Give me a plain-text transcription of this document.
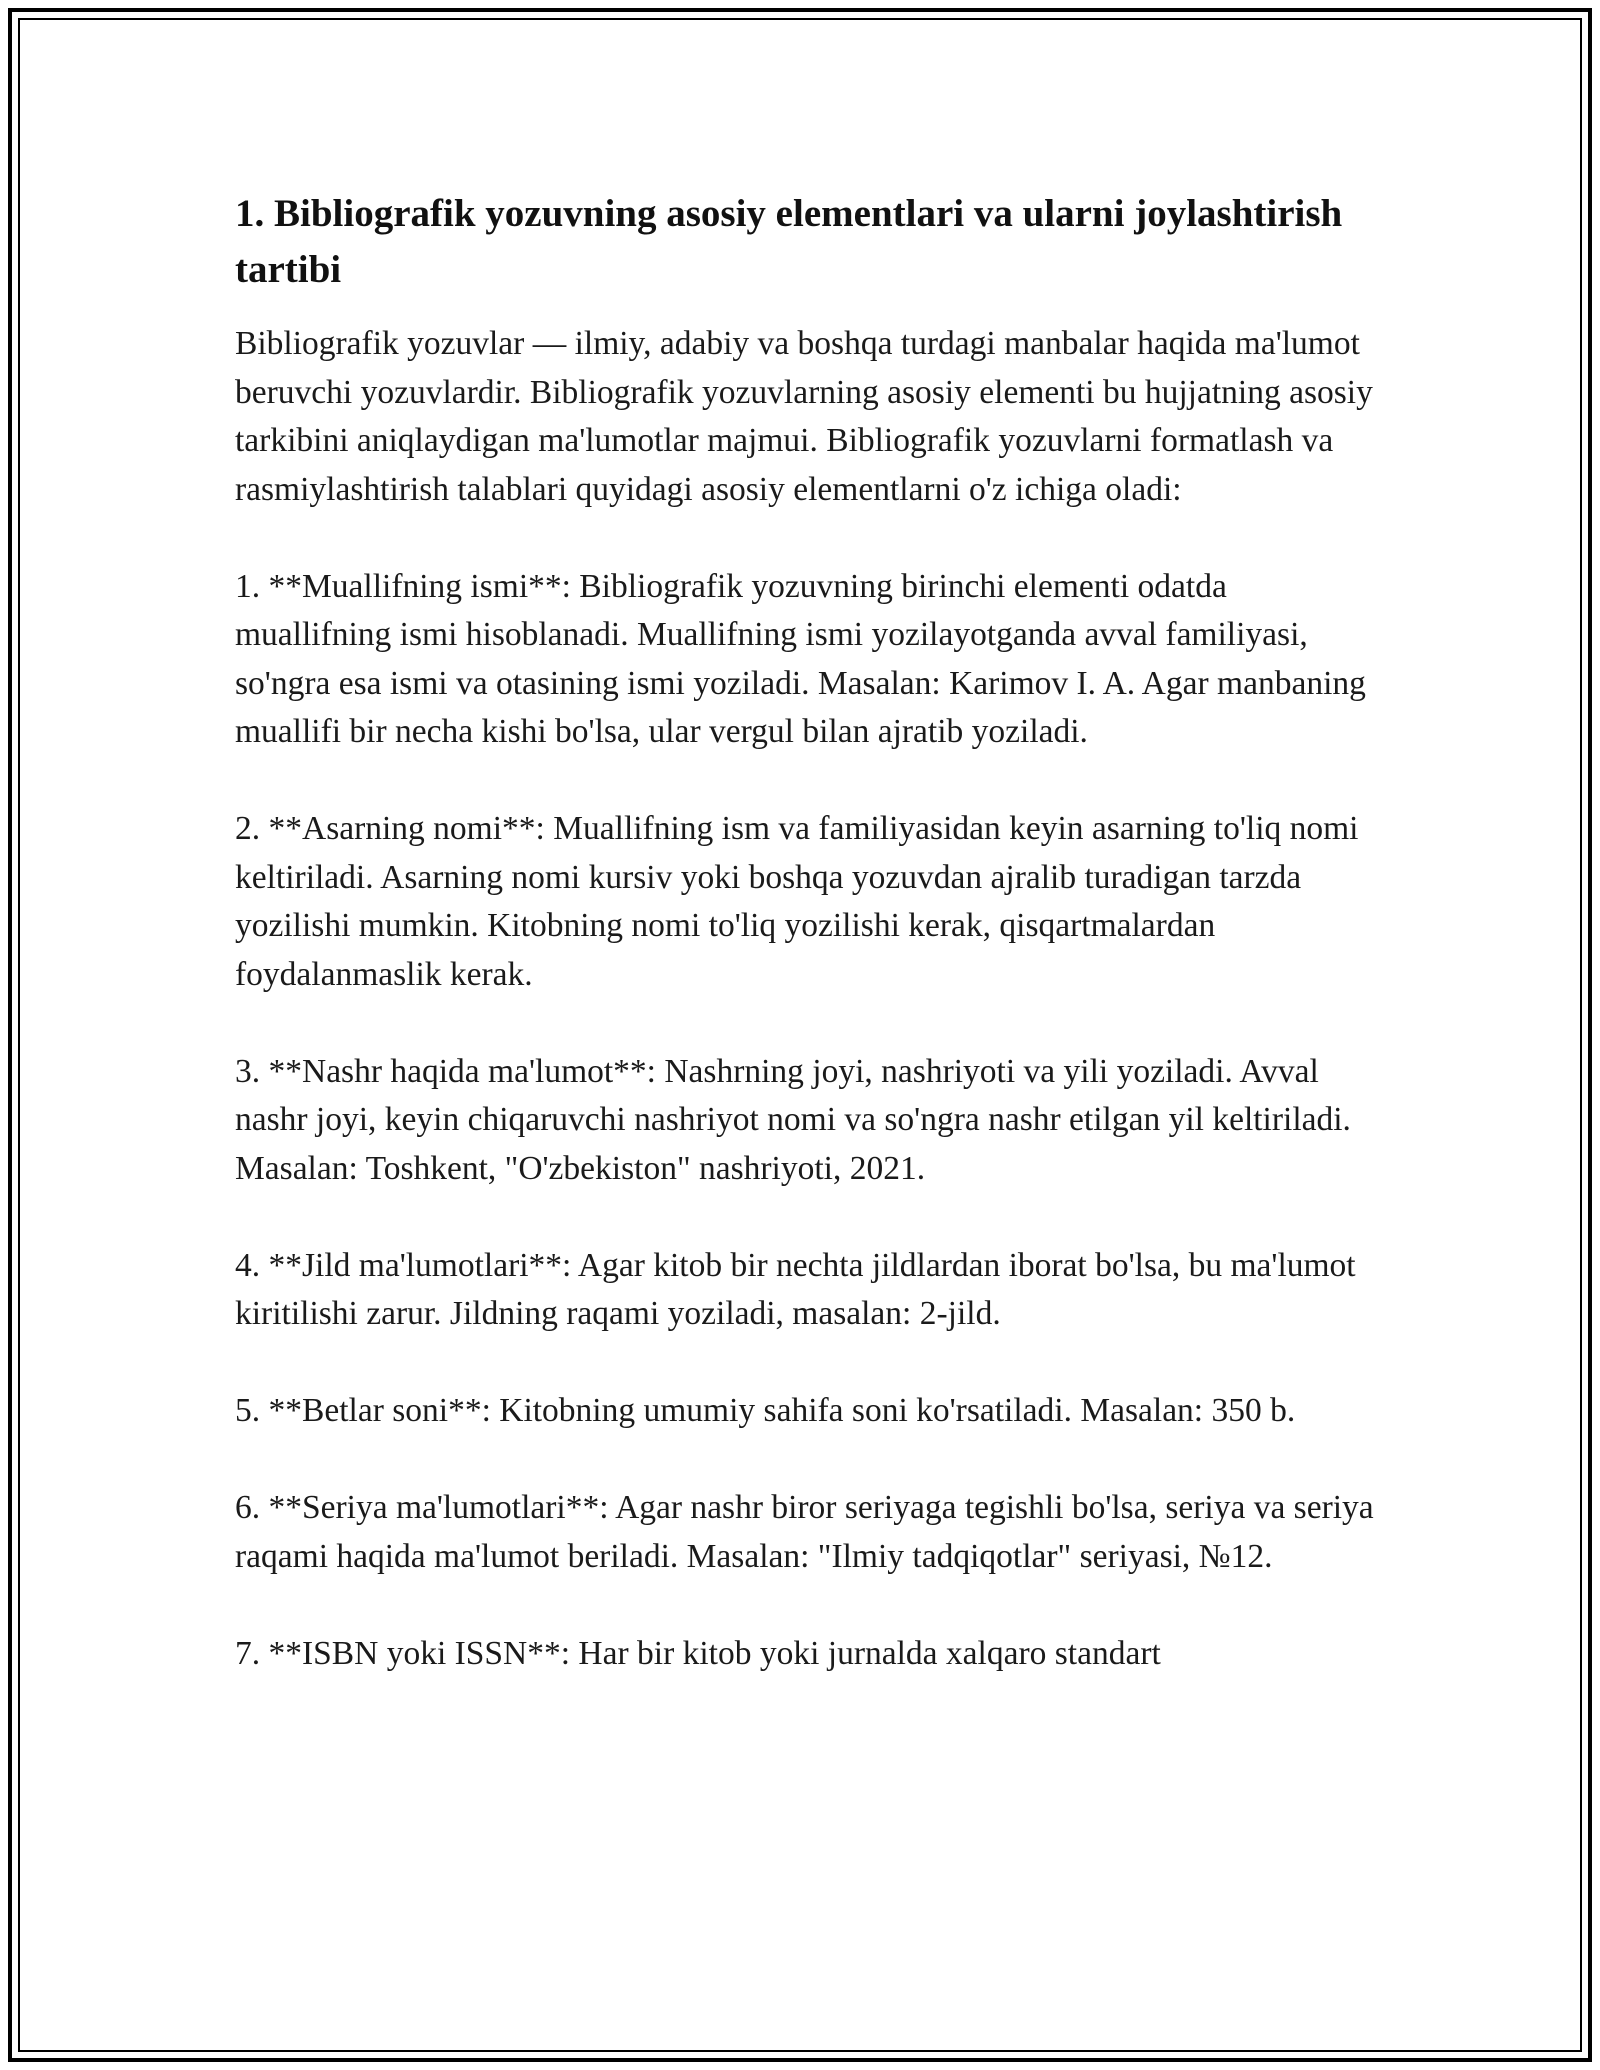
1. Bibliografik yozuvning asosiy elementlari va ularni joylashtirish tartibi

Bibliografik yozuvlar — ilmiy, adabiy va boshqa turdagi manbalar haqida ma'lumot beruvchi yozuvlardir. Bibliografik yozuvlarning asosiy elementi bu hujjatning asosiy tarkibini aniqlaydigan ma'lumotlar majmui. Bibliografik yozuvlarni formatlash va rasmiylashtirish talablari quyidagi asosiy elementlarni o'z ichiga oladi:

1. **Muallifning ismi**: Bibliografik yozuvning birinchi elementi odatda muallifning ismi hisoblanadi. Muallifning ismi yozilayotganda avval familiyasi, so'ngra esa ismi va otasining ismi yoziladi. Masalan: Karimov I. A. Agar manbaning muallifi bir necha kishi bo'lsa, ular vergul bilan ajratib yoziladi.

2. **Asarning nomi**: Muallifning ism va familiyasidan keyin asarning to'liq nomi keltiriladi. Asarning nomi kursiv yoki boshqa yozuvdan ajralib turadigan tarzda yozilishi mumkin. Kitobning nomi to'liq yozilishi kerak, qisqartmalardan foydalanmaslik kerak.

3. **Nashr haqida ma'lumot**: Nashrning joyi, nashriyoti va yili yoziladi. Avval nashr joyi, keyin chiqaruvchi nashriyot nomi va so'ngra nashr etilgan yil keltiriladi. Masalan: Toshkent, "O'zbekiston" nashriyoti, 2021.

4. **Jild ma'lumotlari**: Agar kitob bir nechta jildlardan iborat bo'lsa, bu ma'lumot kiritilishi zarur. Jildning raqami yoziladi, masalan: 2-jild.

5. **Betlar soni**: Kitobning umumiy sahifa soni ko'rsatiladi. Masalan: 350 b.

6. **Seriya ma'lumotlari**: Agar nashr biror seriyaga tegishli bo'lsa, seriya va seriya raqami haqida ma'lumot beriladi. Masalan: "Ilmiy tadqiqotlar" seriyasi, №12.

7. **ISBN yoki ISSN**: Har bir kitob yoki jurnalda xalqaro standart
